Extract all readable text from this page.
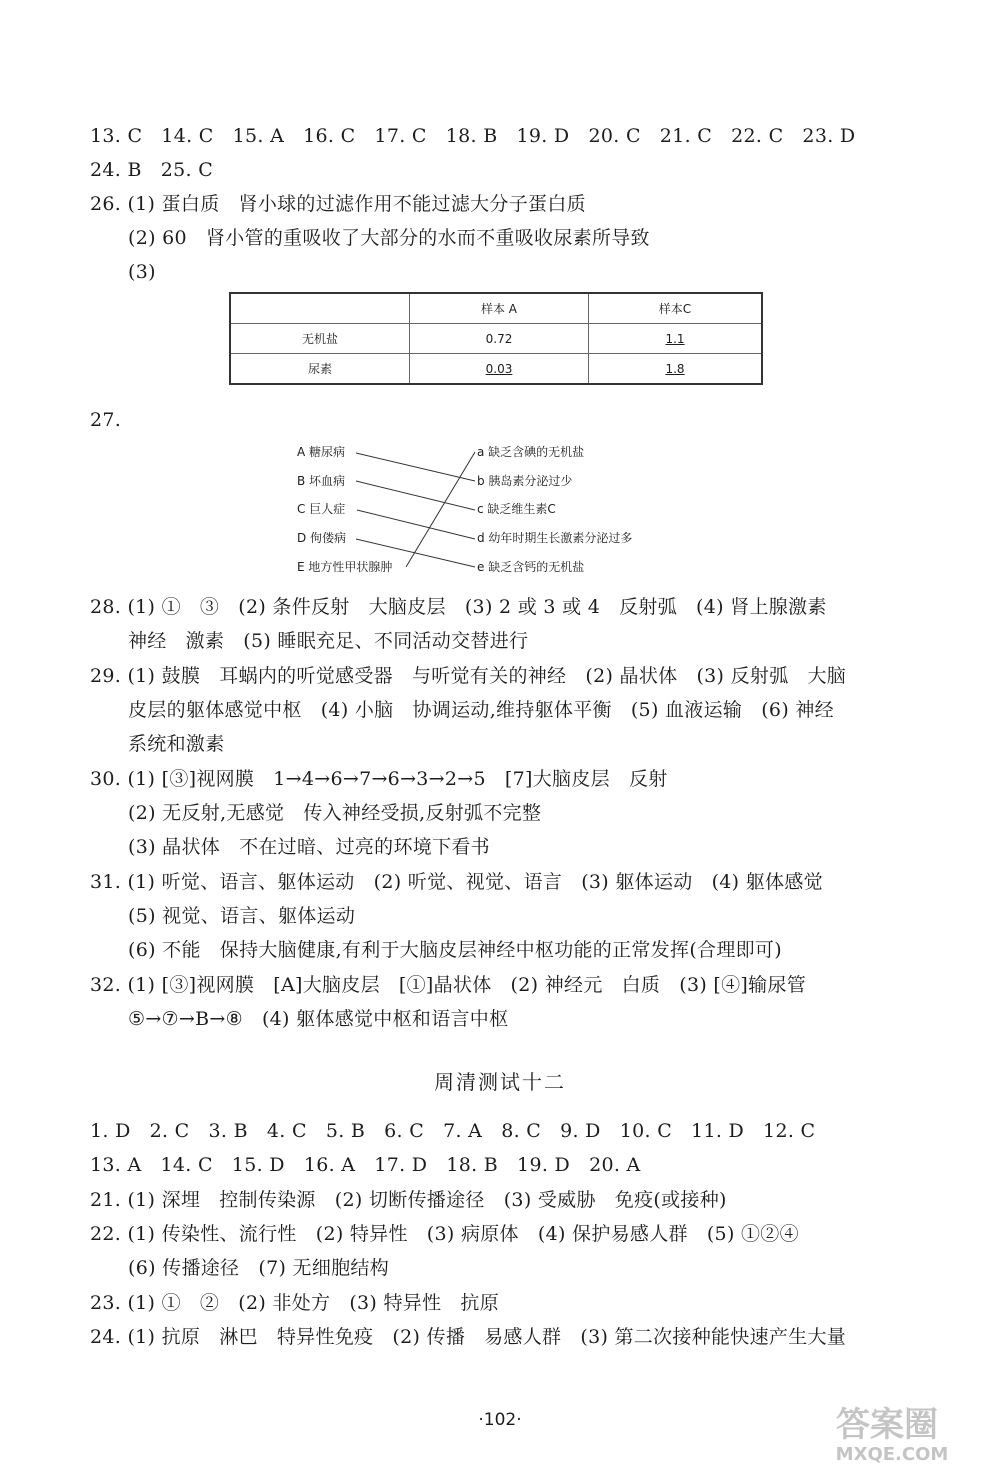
13. C   14. C   15. A   16. C   17. C   18. B   19. D   20. C   21. C   22. C   23. D
24. B   25. C
26. (1) 蛋白质   肾小球的过滤作用不能过滤大分子蛋白质
(2) 60   肾小管的重吸收了大部分的水而不重吸收尿素所导致
(3)
	样本 A	样本C
无机盐	0.72	1.1
尿素	0.03	1.8
27.
A 糖尿病
B 坏血病
C 巨人症
D 佝偻病
E 地方性甲状腺肿
a 缺乏含碘的无机盐
b 胰岛素分泌过少
c 缺乏维生素C
d 幼年时期生长激素分泌过多
e 缺乏含钙的无机盐
28. (1) ①   ③   (2) 条件反射   大脑皮层   (3) 2 或 3 或 4   反射弧   (4) 肾上腺激素
神经   激素   (5) 睡眠充足、不同活动交替进行
29. (1) 鼓膜   耳蜗内的听觉感受器   与听觉有关的神经   (2) 晶状体   (3) 反射弧   大脑
皮层的躯体感觉中枢   (4) 小脑   协调运动,维持躯体平衡   (5) 血液运输   (6) 神经
系统和激素
30. (1) [③]视网膜   1→4→6→7→6→3→2→5   [7]大脑皮层   反射
(2) 无反射,无感觉   传入神经受损,反射弧不完整
(3) 晶状体   不在过暗、过亮的环境下看书
31. (1) 听觉、语言、躯体运动   (2) 听觉、视觉、语言   (3) 躯体运动   (4) 躯体感觉
(5) 视觉、语言、躯体运动
(6) 不能   保持大脑健康,有利于大脑皮层神经中枢功能的正常发挥(合理即可)
32. (1) [③]视网膜   [A]大脑皮层   [①]晶状体   (2) 神经元   白质   (3) [④]输尿管
⑤→⑦→B→⑧   (4) 躯体感觉中枢和语言中枢
周清测试十二
1. D   2. C   3. B   4. C   5. B   6. C   7. A   8. C   9. D   10. C   11. D   12. C
13. A   14. C   15. D   16. A   17. D   18. B   19. D   20. A
21. (1) 深埋   控制传染源   (2) 切断传播途径   (3) 受威胁   免疫(或接种)
22. (1) 传染性、流行性   (2) 特异性   (3) 病原体   (4) 保护易感人群   (5) ①②④
(6) 传播途径   (7) 无细胞结构
23. (1) ①   ②   (2) 非处方   (3) 特异性   抗原
24. (1) 抗原   淋巴   特异性免疫   (2) 传播   易感人群   (3) 第二次接种能快速产生大量
·102·	答案圈
MXQE.COM
